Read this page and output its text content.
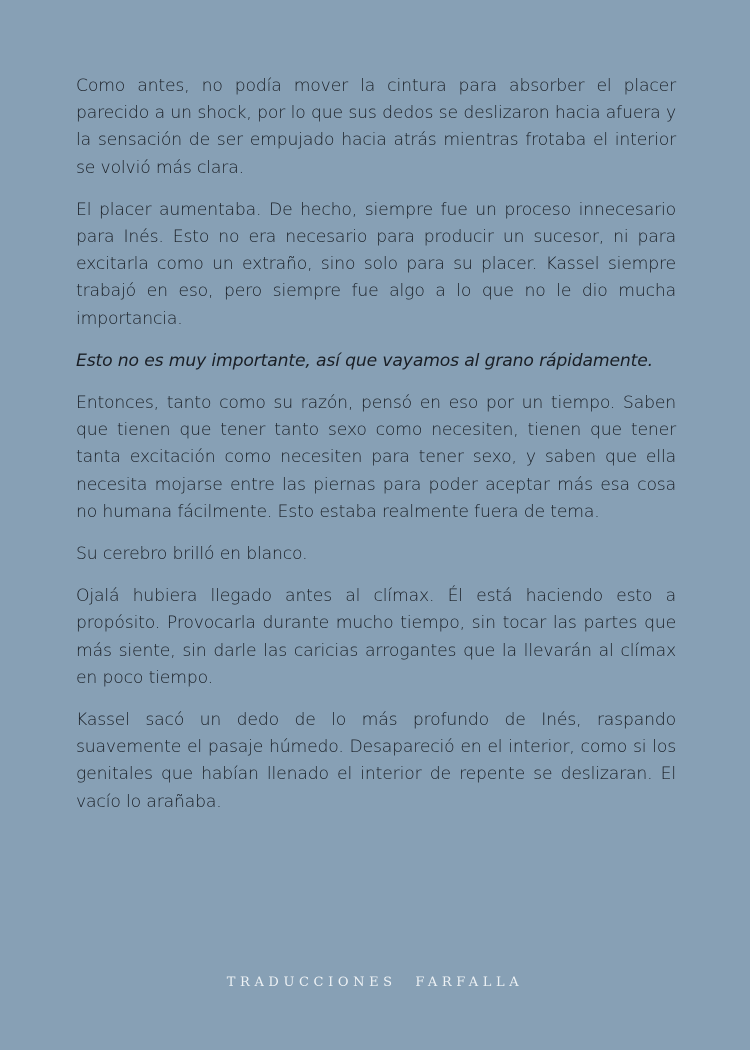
Como antes, no podía mover la cintura para absorber el placer parecido a un shock, por lo que sus dedos se deslizaron hacia afuera y la sensación de ser empujado hacia atrás mientras frotaba el interior se volvió más clara.

El placer aumentaba. De hecho, siempre fue un proceso innecesario para Inés. Esto no era necesario para producir un sucesor, ni para excitarla como un extraño, sino solo para su placer. Kassel siempre trabajó en eso, pero siempre fue algo a lo que no le dio mucha importancia.

Esto no es muy importante, así que vayamos al grano rápidamente.

Entonces, tanto como su razón, pensó en eso por un tiempo. Saben que tienen que tener tanto sexo como necesiten, tienen que tener tanta excitación como necesiten para tener sexo, y saben que ella necesita mojarse entre las piernas para poder aceptar más esa cosa no humana fácilmente. Esto estaba realmente fuera de tema.

Su cerebro brilló en blanco.

Ojalá hubiera llegado antes al clímax. Él está haciendo esto a propósito. Provocarla durante mucho tiempo, sin tocar las partes que más siente, sin darle las caricias arrogantes que la llevarán al clímax en poco tiempo.

Kassel sacó un dedo de lo más profundo de Inés, raspando suavemente el pasaje húmedo. Desapareció en el interior, como si los genitales que habían llenado el interior de repente se deslizaran. El vacío lo arañaba.

TRADUCCIONES FARFALLA
